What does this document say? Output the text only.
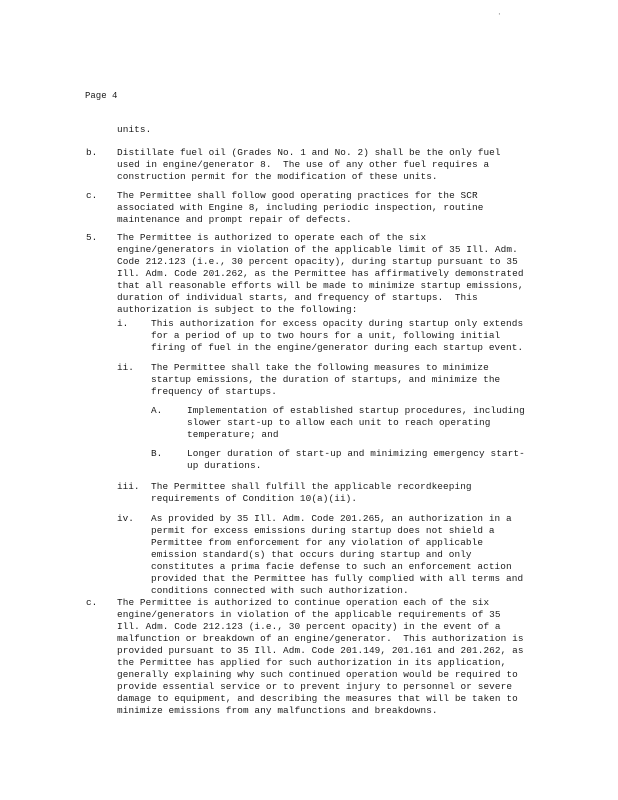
·
Page 4
units.
b. Distillate fuel oil (Grades No. 1 and No. 2) shall be the only fuel
used in engine/generator 8.  The use of any other fuel requires a
construction permit for the modification of these units.
c. The Permittee shall follow good operating practices for the SCR
associated with Engine 8, including periodic inspection, routine
maintenance and prompt repair of defects.
5. The Permittee is authorized to operate each of the six
engine/generators in violation of the applicable limit of 35 Ill. Adm.
Code 212.123 (i.e., 30 percent opacity), during startup pursuant to 35
Ill. Adm. Code 201.262, as the Permittee has affirmatively demonstrated
that all reasonable efforts will be made to minimize startup emissions,
duration of individual starts, and frequency of startups.  This
authorization is subject to the following:
i. This authorization for excess opacity during startup only extends
for a period of up to two hours for a unit, following initial
firing of fuel in the engine/generator during each startup event.
ii. The Permittee shall take the following measures to minimize
startup emissions, the duration of startups, and minimize the
frequency of startups.
A.	Implementation of established startup procedures, including
slower start-up to allow each unit to reach operating
temperature; and
B.	Longer duration of start-up and minimizing emergency start-
up durations.
iii. The Permittee shall fulfill the applicable recordkeeping
requirements of Condition 10(a)(ii).
iv. As provided by 35 Ill. Adm. Code 201.265, an authorization in a
permit for excess emissions during startup does not shield a
Permittee from enforcement for any violation of applicable
emission standard(s) that occurs during startup and only
constitutes a prima facie defense to such an enforcement action
provided that the Permittee has fully complied with all terms and
conditions connected with such authorization.
c. The Permittee is authorized to continue operation each of the six
engine/generators in violation of the applicable requirements of 35
Ill. Adm. Code 212.123 (i.e., 30 percent opacity) in the event of a
malfunction or breakdown of an engine/generator.  This authorization is
provided pursuant to 35 Ill. Adm. Code 201.149, 201.161 and 201.262, as
the Permittee has applied for such authorization in its application,
generally explaining why such continued operation would be required to
provide essential service or to prevent injury to personnel or severe
damage to equipment, and describing the measures that will be taken to
minimize emissions from any malfunctions and breakdowns.
